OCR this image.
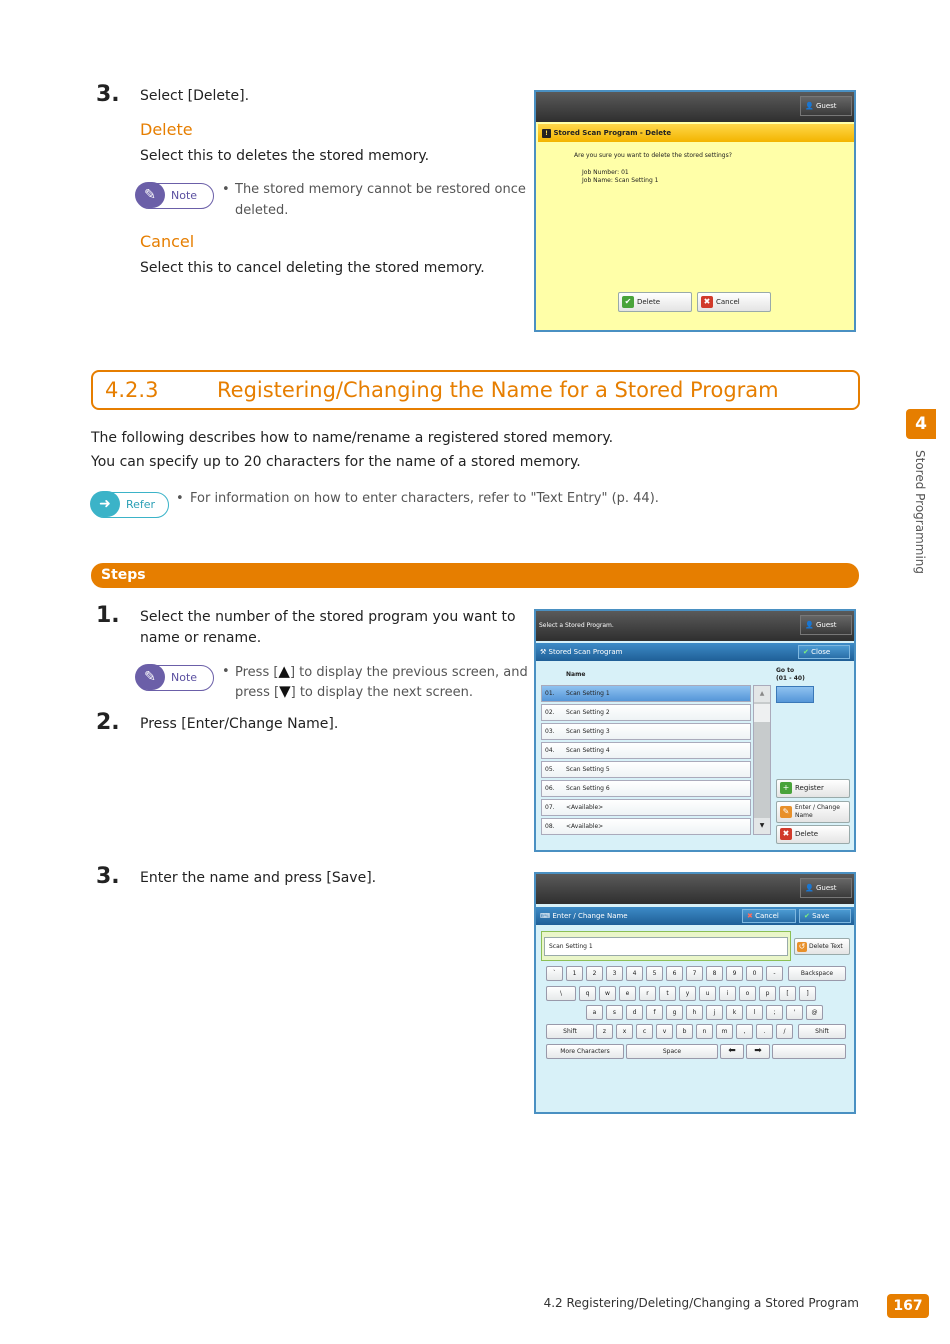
3. Select [Delete].
Delete
Select this to deletes the stored memory.
✎	Note • The stored memory cannot be restored once
deleted.
Cancel
Select this to cancel deleting the stored memory.
👤 Guest
! Stored Scan Program - Delete
Are you sure you want to delete the stored settings?
Job Number: 01
Job Name: Scan Setting 1
✔ Delete	✖ Cancel
4.2.3	Registering/Changing the Name for a Stored Program
The following describes how to name/rename a registered stored memory.
You can specify up to 20 characters for the name of a stored memory.
➜	Refer • For information on how to enter characters, refer to "Text Entry" (p. 44).
Steps
1. Select the number of the stored program you want to
name or rename.
✎	Note • Press [▲] to display the previous screen, and
press [▼] to display the next screen.
2. Press [Enter/Change Name].
Select a Stored Program.	👤 Guest
⚒ Stored Scan Program	✔ Close
Name
Go to
(01 - 40)
01. Scan Setting 1
02. Scan Setting 2
03. Scan Setting 3
04. Scan Setting 4
05. Scan Setting 5
06. Scan Setting 6
07. <Available>
08. <Available>
▲
▼
+ Register
✎ Enter / Change
Name
✖ Delete
3. Enter the name and press [Save].
👤 Guest
⌨ Enter / Change Name	✖ Cancel	✔ Save
Scan Setting 1	↺ Delete Text
`	1	2	3	4	5	6	7	8	9	0	-	Backspace
\	q	w	e	r	t	y	u	i	o	p	[	]
a	s	d	f	g	h	j	k	l	;	'	@
Shift	z	x	c	v	b	n	m	,	.	/	Shift
More Characters	Space	⬅	➡
4
Stored Programming
4.2 Registering/Deleting/Changing a Stored Program	167
